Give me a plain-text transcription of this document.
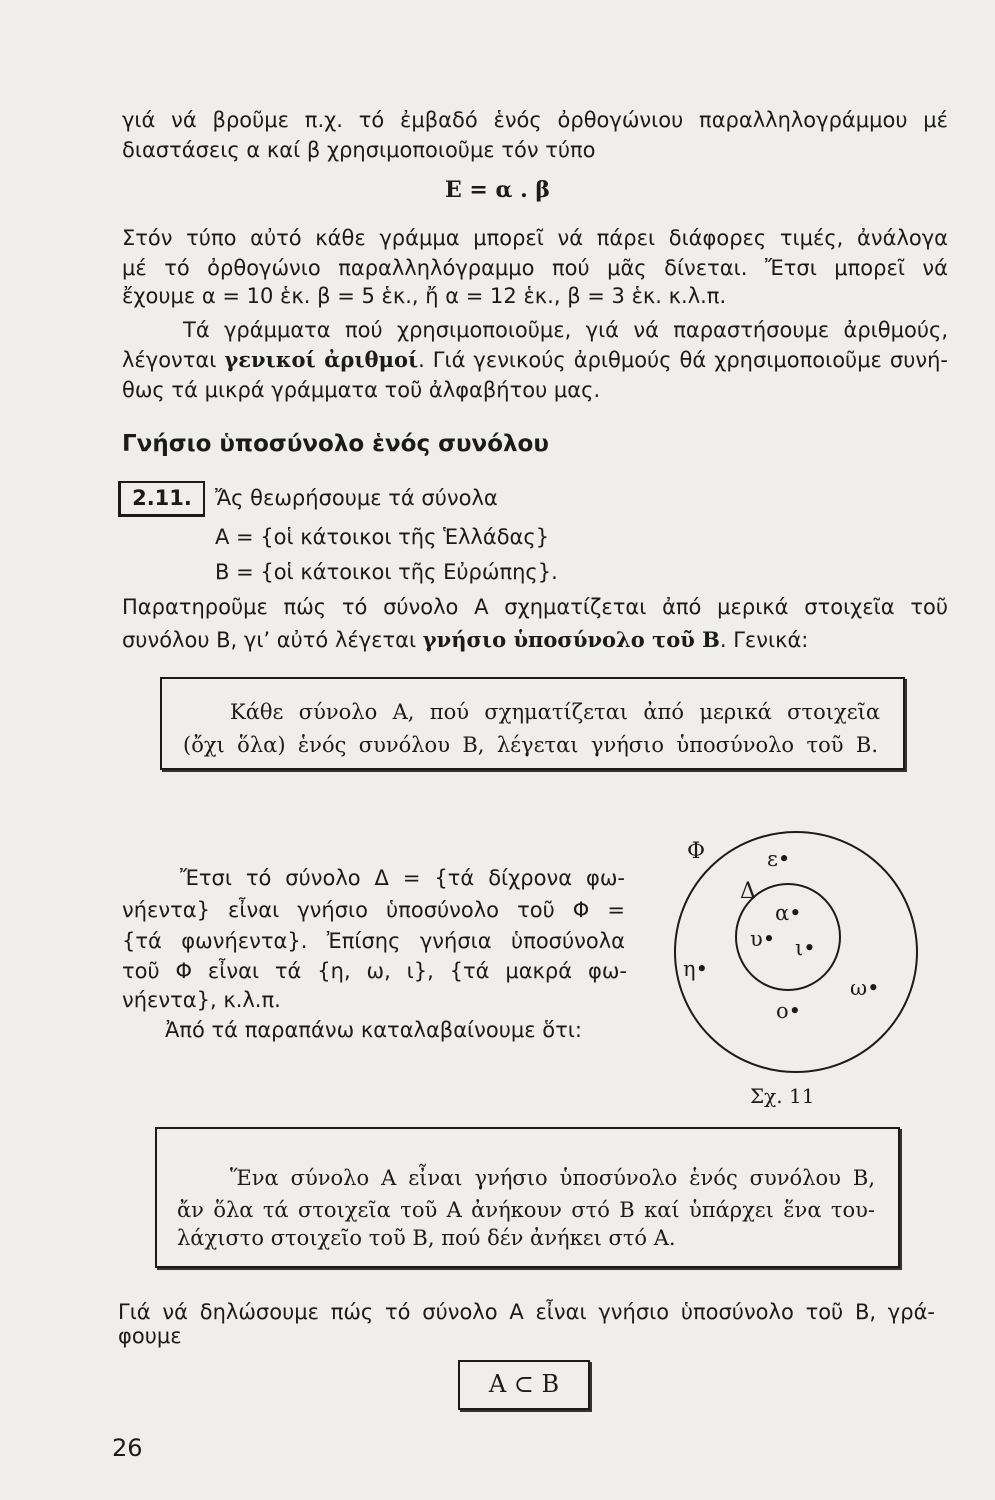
γιά νά βροῦμε π.χ. τό ἐμβαδό ἑνός ὀρθογώνιου παραλληλογράμμου μέ
διαστάσεις α καί β χρησιμοποιοῦμε τόν τύπο
Ε = α . β
Στόν τύπο αὐτό κάθε γράμμα μπορεῖ νά πάρει διάφορες τιμές, ἀνάλογα
μέ τό ὀρθογώνιο παραλληλόγραμμο πού μᾶς δίνεται. Ἔτσι μπορεῖ νά
ἔχουμε α = 10 ἑκ. β = 5 ἑκ., ἤ α = 12 ἑκ., β = 3 ἑκ. κ.λ.π.
Τά γράμματα πού χρησιμοποιοῦμε, γιά νά παραστήσουμε ἀριθμούς,
λέγονται γενικοί ἀριθμοί. Γιά γενικούς ἀριθμούς θά χρησιμοποιοῦμε συνή-
θως τά μικρά γράμματα τοῦ ἀλφαβήτου μας.
Γνήσιο ὑποσύνολο ἑνός συνόλου
2.11.	Ἄς θεωρήσουμε τά σύνολα
Α = {οἱ κάτοικοι τῆς Ἑλλάδας}
Β = {οἱ κάτοικοι τῆς Εὐρώπης}.
Παρατηροῦμε πώς τό σύνολο Α σχηματίζεται ἀπό μερικά στοιχεῖα τοῦ
συνόλου Β, γι’ αὐτό λέγεται γνήσιο ὑποσύνολο τοῦ Β. Γενικά:
Κάθε σύνολο Α, πού σχηματίζεται ἀπό μερικά στοιχεῖα
(ὄχι ὅλα) ἑνός συνόλου Β, λέγεται γνήσιο ὑποσύνολο τοῦ Β.
Ἔτσι τό σύνολο Δ = {τά δίχρονα φω-
νήεντα} εἶναι γνήσιο ὑποσύνολο τοῦ Φ =
{τά φωνήεντα}. Ἐπίσης γνήσια ὑποσύνολα
τοῦ Φ εἶναι τά {η, ω, ι}, {τά μακρά φω-
νήεντα}, κ.λ.π.
Ἀπό τά παραπάνω καταλαβαίνουμε ὅτι:
Φ
Δ
ε•
η•
ω•
ο•
α•
υ• ι•
Σχ. 11
Ἕνα σύνολο Α εἶναι γνήσιο ὑποσύνολο ἑνός συνόλου Β,
ἄν ὅλα τά στοιχεῖα τοῦ Α ἀνήκουν στό Β καί ὑπάρχει ἕνα του-
λάχιστο στοιχεῖο τοῦ Β, πού δέν ἀνήκει στό Α.
Γιά νά δηλώσουμε πώς τό σύνολο Α εἶναι γνήσιο ὑποσύνολο τοῦ Β, γρά-
φουμε
Α ⊂ Β
26
